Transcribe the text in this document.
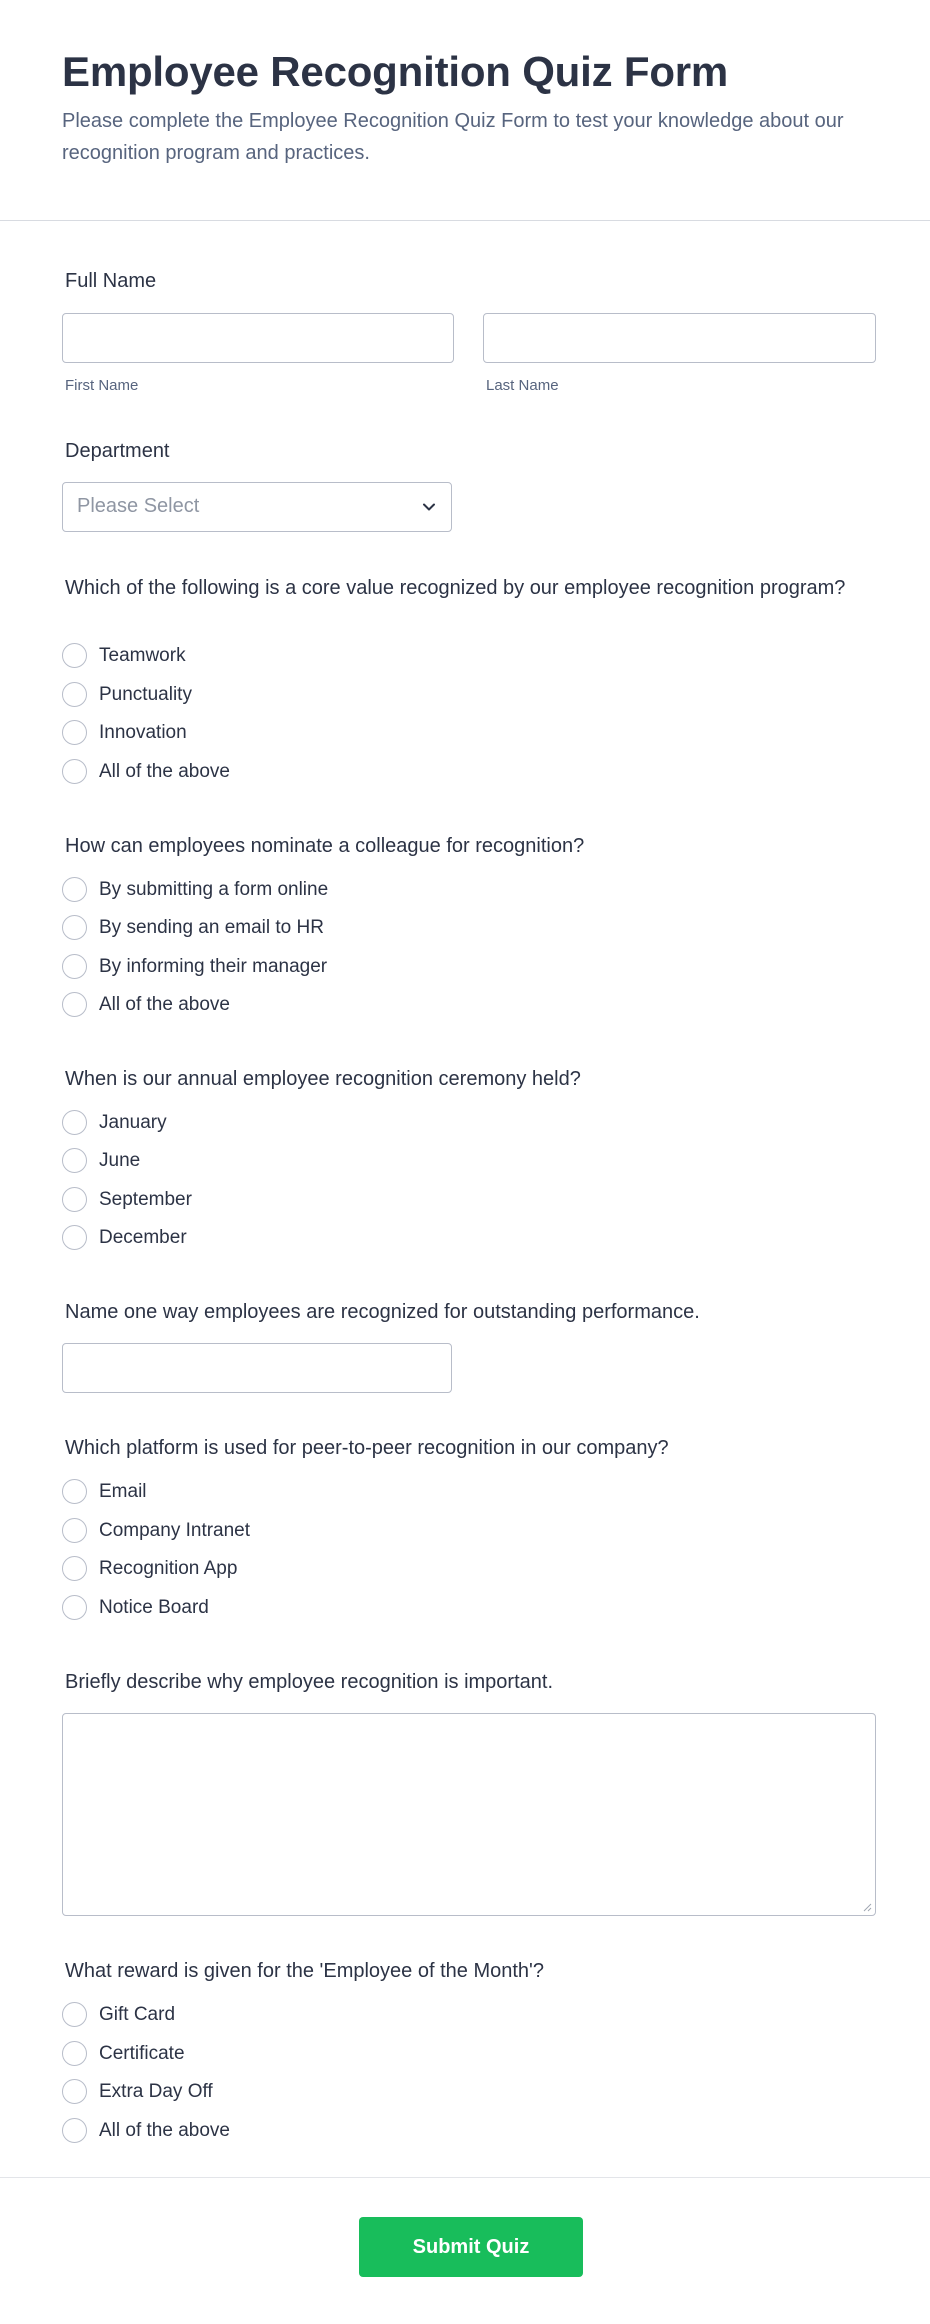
Employee Recognition Quiz Form
Please complete the Employee Recognition Quiz Form to test your knowledge about our recognition program and practices.
Full Name
First Name	Last Name
Department
Please Select
Which of the following is a core value recognized by our employee recognition program?
Teamwork
Punctuality
Innovation
All of the above
How can employees nominate a colleague for recognition?
By submitting a form online
By sending an email to HR
By informing their manager
All of the above
When is our annual employee recognition ceremony held?
January
June
September
December
Name one way employees are recognized for outstanding performance.
Which platform is used for peer-to-peer recognition in our company?
Email
Company Intranet
Recognition App
Notice Board
Briefly describe why employee recognition is important.
What reward is given for the 'Employee of the Month'?
Gift Card
Certificate
Extra Day Off
All of the above
Submit Quiz
